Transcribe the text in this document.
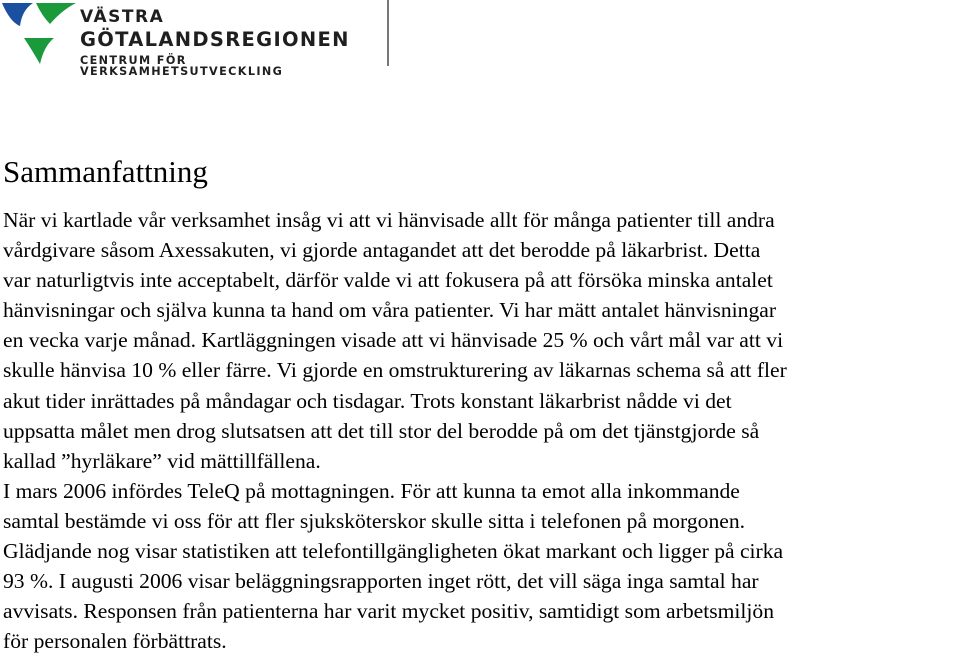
VÄSTRA
GÖTALANDSREGIONEN
CENTRUM FÖR VERKSAMHETSUTVECKLING
Sammanfattning

När vi kartlade vår verksamhet insåg vi att vi hänvisade allt för många patienter till andra
vårdgivare såsom Axessakuten, vi gjorde antagandet att det berodde på läkarbrist. Detta
var naturligtvis inte acceptabelt, därför valde vi att fokusera på att försöka minska antalet
hänvisningar och själva kunna ta hand om våra patienter. Vi har mätt antalet hänvisningar
en vecka varje månad. Kartläggningen visade att vi hänvisade 25 % och vårt mål var att vi
skulle hänvisa 10 % eller färre. Vi gjorde en omstrukturering av läkarnas schema så att fler
akut tider inrättades på måndagar och tisdagar. Trots konstant läkarbrist nådde vi det
uppsatta målet men drog slutsatsen att det till stor del berodde på om det tjänstgjorde så
kallad ”hyrläkare” vid mättillfällena.
I mars 2006 infördes TeleQ på mottagningen. För att kunna ta emot alla inkommande
samtal bestämde vi oss för att fler sjuksköterskor skulle sitta i telefonen på morgonen.
Glädjande nog visar statistiken att telefontillgängligheten ökat markant och ligger på cirka
93 %. I augusti 2006 visar beläggningsrapporten inget rött, det vill säga inga samtal har
avvisats. Responsen från patienterna har varit mycket positiv, samtidigt som arbetsmiljön
för personalen förbättrats.
